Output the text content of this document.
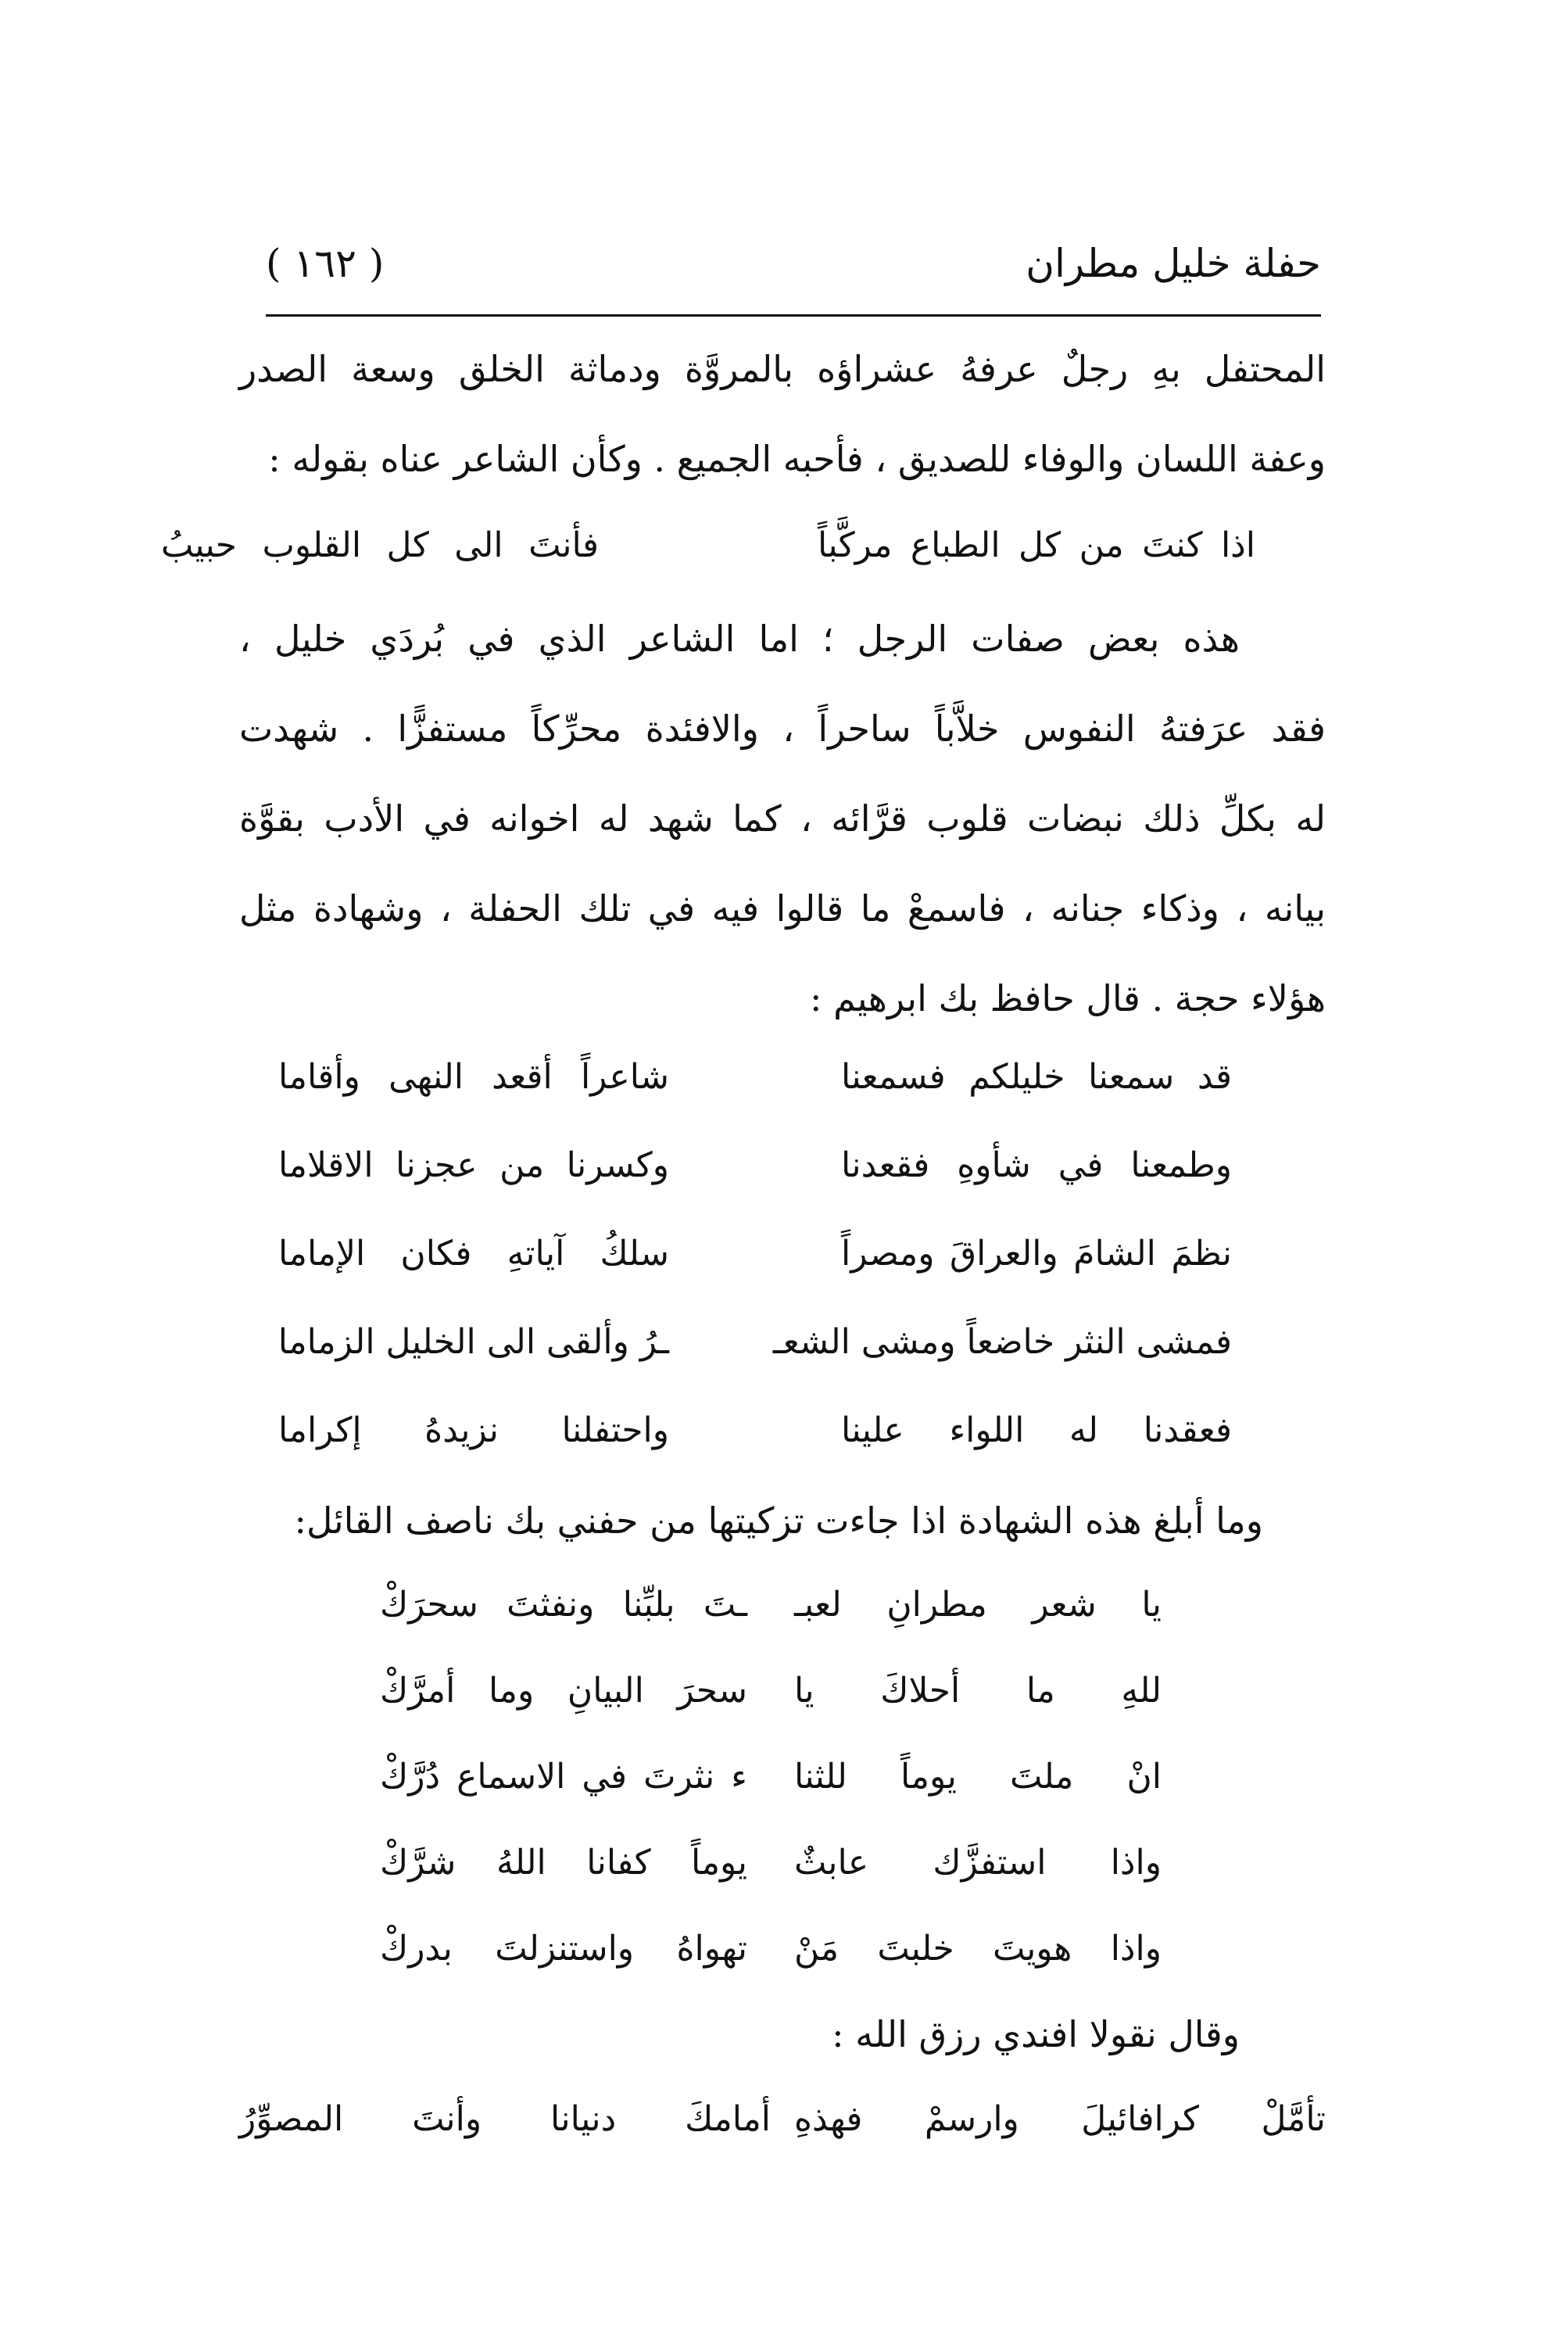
حفلة خليل مطران
( ١٦٢ )
المحتفل بهِ رجلٌ عرفهُ عشراؤه بالمروَّة ودماثة الخلق وسعة الصدر
وعفة اللسان والوفاء للصديق ، فأحبه الجميع . وكأن الشاعر عناه بقوله :
اذا كنتَ من كل الطباع مركَّباً
فأنتَ الى كل القلوب حبيبُ
هذه بعض صفات الرجل ؛ اما الشاعر الذي في بُردَي خليل ،
فقد عرَفتهُ النفوس خلاَّباً ساحراً ، والافئدة محرِّكاً مستفزًّا . شهدت
له بكلِّ ذلك نبضات قلوب قرَّائه ، كما شهد له اخوانه في الأدب بقوَّة
بيانه ، وذكاء جنانه ، فاسمعْ ما قالوا فيه في تلك الحفلة ، وشهادة مثل
هؤلاء حجة . قال حافظ بك ابرهيم :
قد سمعنا خليلكم فسمعنا
شاعراً أقعد النهى وأقاما
وطمعنا في شأوهِ فقعدنا
وكسرنا من عجزنا الاقلاما
نظمَ الشامَ والعراقَ ومصراً
سلكُ آياتهِ فكان الإماما
فمشى النثر خاضعاً ومشى الشعـ
ـرُ وألقى الى الخليل الزماما
فعقدنا له اللواء علينا
واحتفلنا نزيدهُ إكراما
وما أبلغ هذه الشهادة اذا جاءت تزكيتها من حفني بك ناصف القائل:
يا شعر مطرانِ لعبـ
ـتَ بلبِّنا ونفثتَ سحرَكْ
للهِ ما أحلاكَ يا
سحرَ البيانِ وما أمرَّكْ
انْ ملتَ يوماً للثنا
ء نثرتَ في الاسماع دُرَّكْ
واذا استفزَّك عابثٌ
يوماً كفانا اللهُ شرَّكْ
واذا هويتَ خلبتَ مَنْ
تهواهُ واستنزلتَ بدركْ
وقال نقولا افندي رزق الله :
تأمَّلْ كرافائيلَ وارسمْ فهذهِ
أمامكَ دنيانا وأنتَ المصوِّرُ
